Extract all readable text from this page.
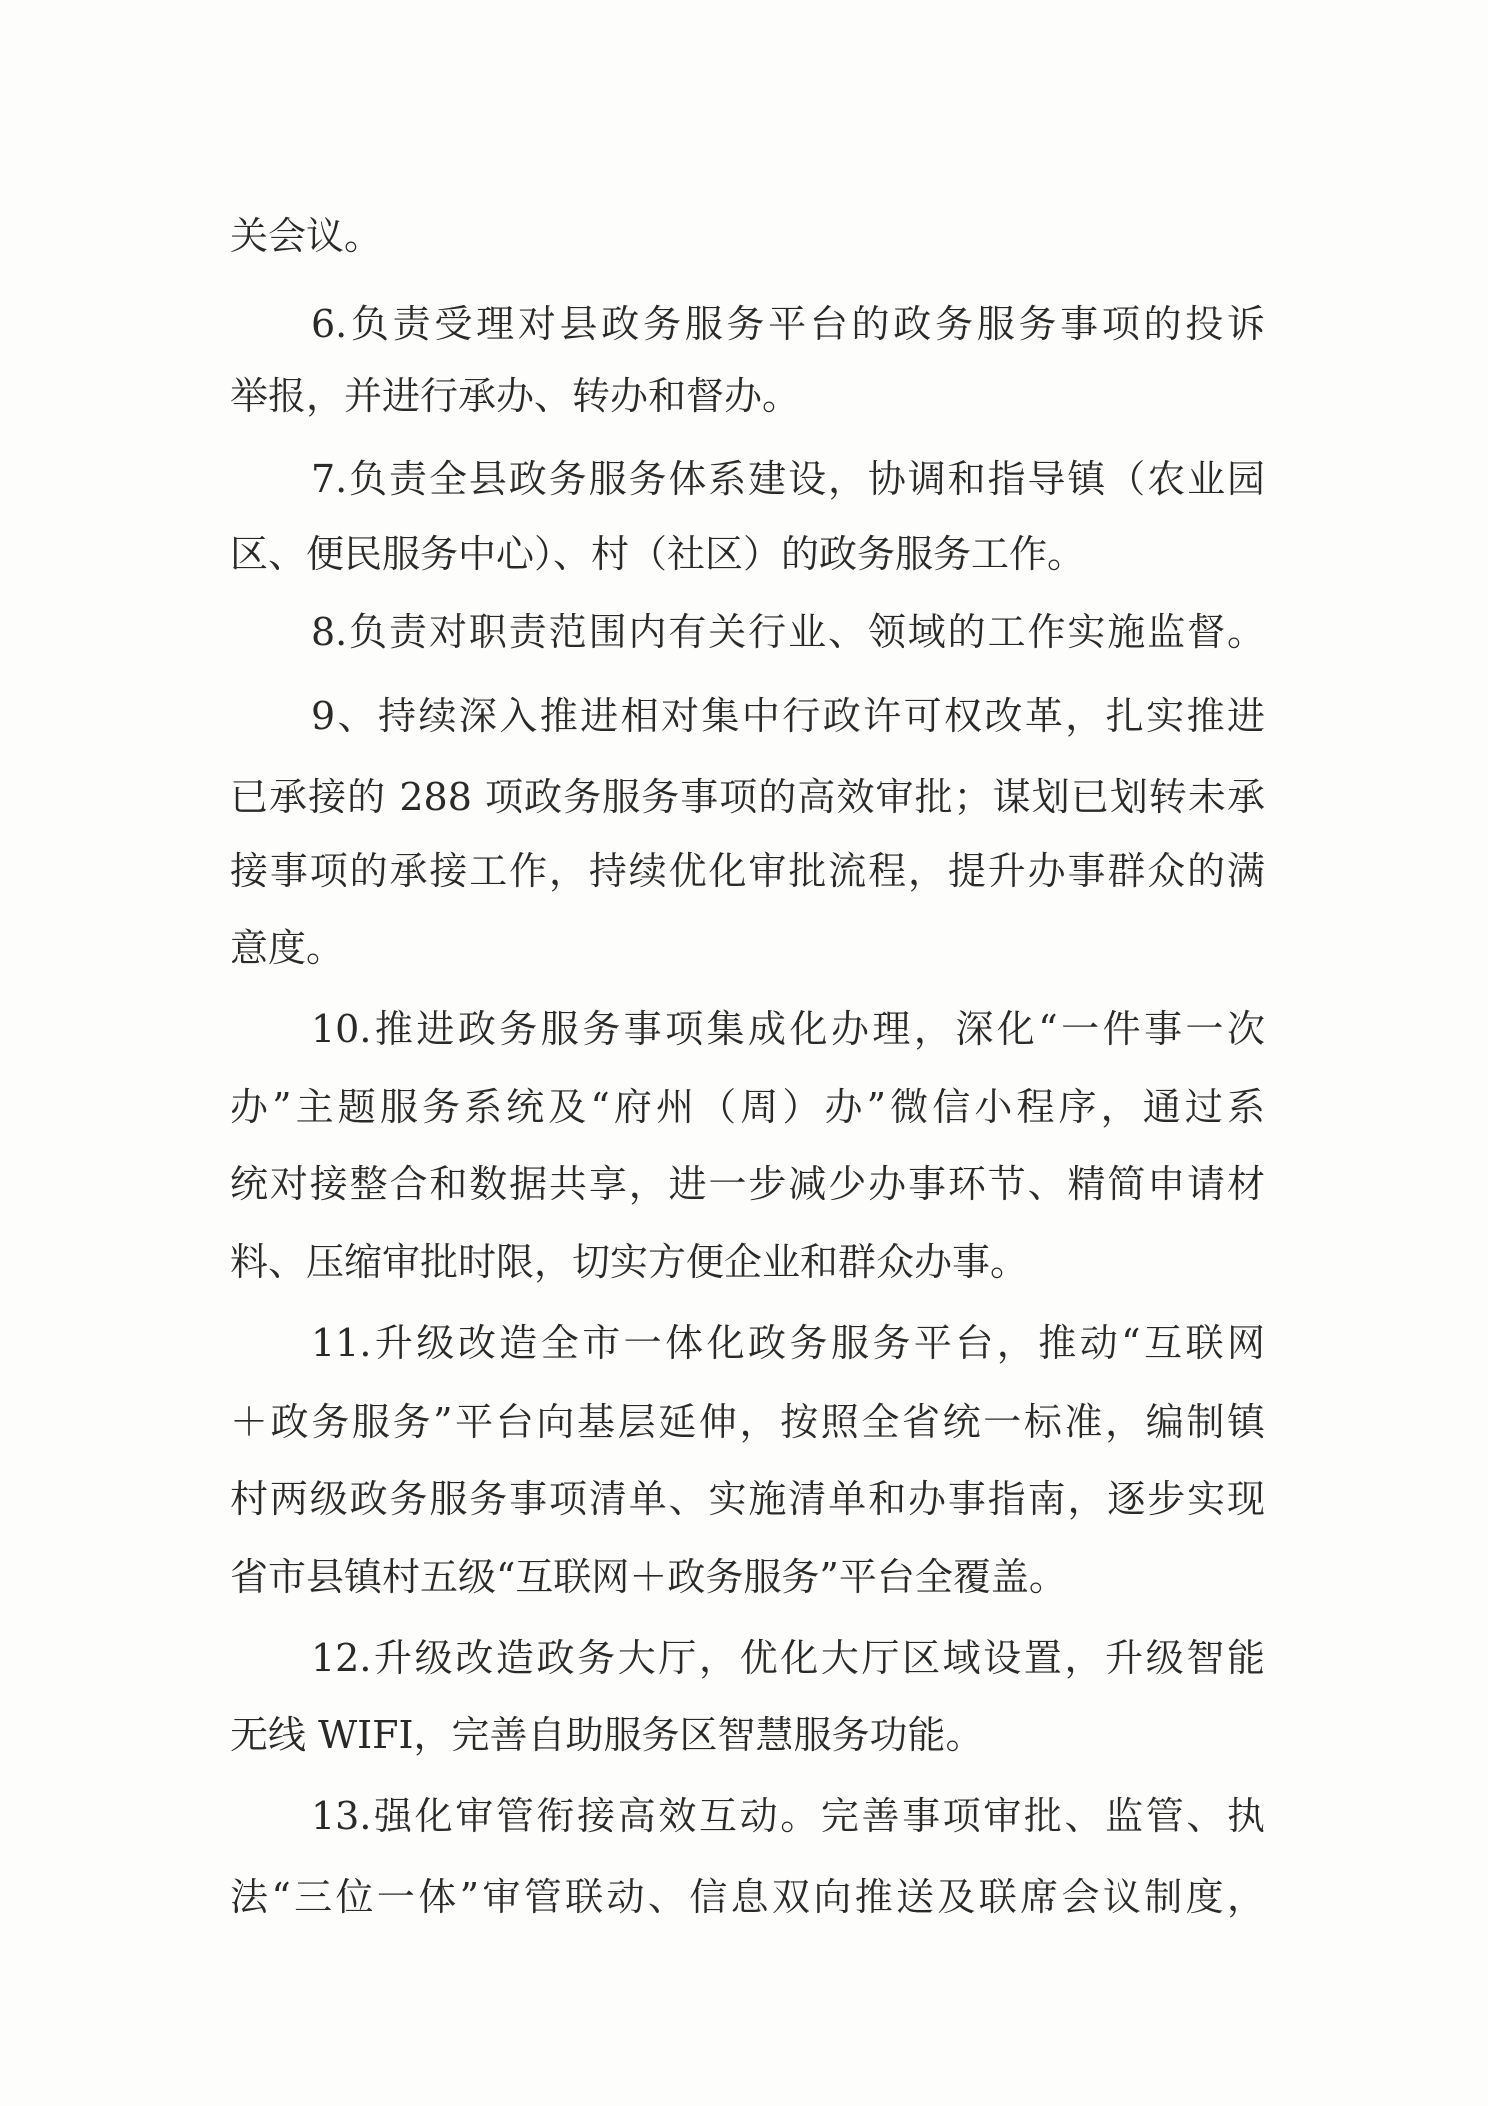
关会议。
6.负责受理对县政务服务平台的政务服务事项的投诉
举报，并进行承办、转办和督办。
7.负责全县政务服务体系建设，协调和指导镇（农业园
区、便民服务中心）、村（社区）的政务服务工作。
8.负责对职责范围内有关行业、领域的工作实施监督。
9、持续深入推进相对集中行政许可权改革，扎实推进
已承接的 288 项政务服务事项的高效审批；谋划已划转未承
接事项的承接工作，持续优化审批流程，提升办事群众的满
意度。
10.推进政务服务事项集成化办理，深化“一件事一次
办”主题服务系统及“府州（周）办”微信小程序，通过系
统对接整合和数据共享，进一步减少办事环节、精简申请材
料、压缩审批时限，切实方便企业和群众办事。
11.升级改造全市一体化政务服务平台，推动“互联网
＋政务服务”平台向基层延伸，按照全省统一标准，编制镇
村两级政务服务事项清单、实施清单和办事指南，逐步实现
省市县镇村五级“互联网＋政务服务”平台全覆盖。
12.升级改造政务大厅，优化大厅区域设置，升级智能
无线 WIFI，完善自助服务区智慧服务功能。
13.强化审管衔接高效互动。完善事项审批、监管、执
法“三位一体”审管联动、信息双向推送及联席会议制度，
